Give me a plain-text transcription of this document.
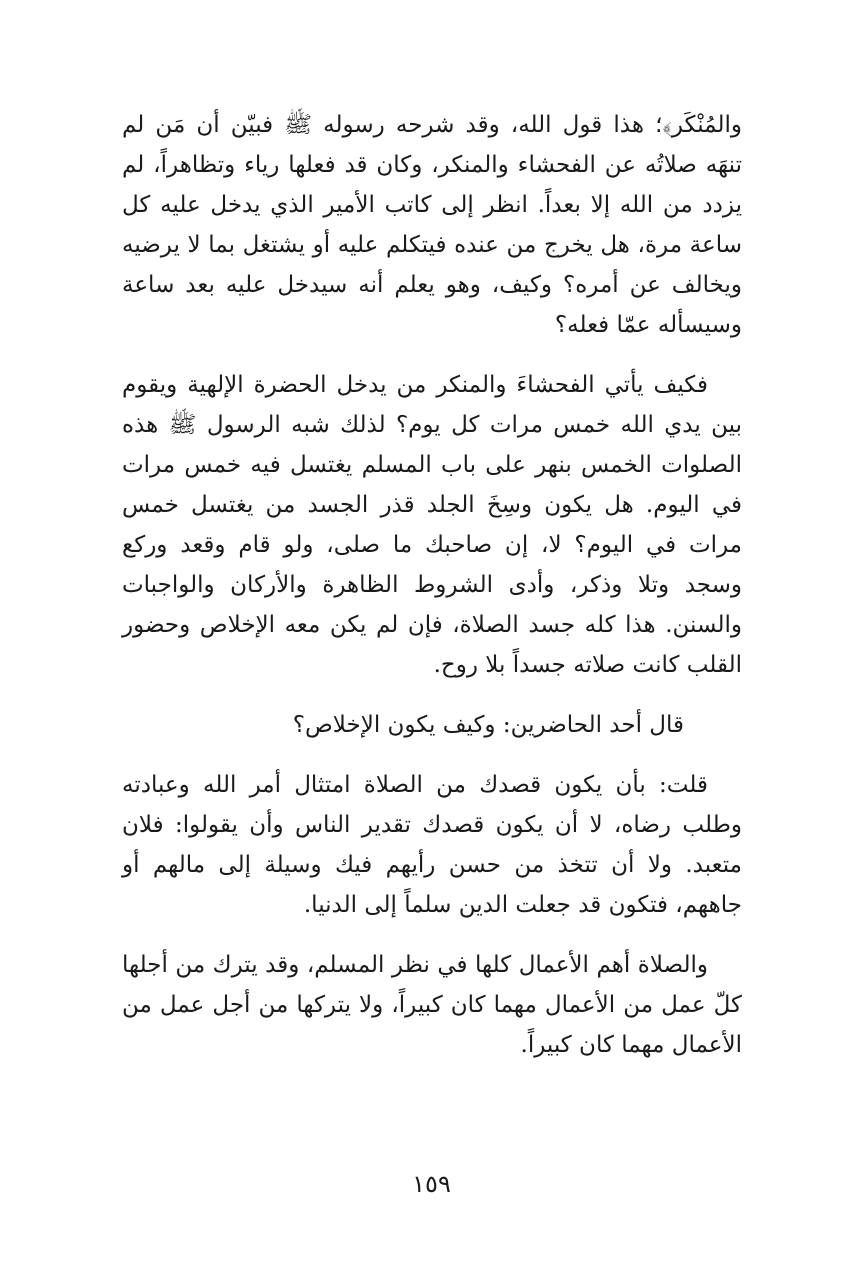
والمُنْكَر﴾؛ هذا قول الله، وقد شرحه رسوله ﷺ فبيّن أن مَن لم تنهَه صلاتُه عن الفحشاء والمنكر، وكان قد فعلها رياء وتظاهراً، لم يزدد من الله إلا بعداً. انظر إلى كاتب الأمير الذي يدخل عليه كل ساعة مرة، هل يخرج من عنده فيتكلم عليه أو يشتغل بما لا يرضيه ويخالف عن أمره؟ وكيف، وهو يعلم أنه سيدخل عليه بعد ساعة وسيسأله عمّا فعله؟

فكيف يأتي الفحشاءَ والمنكر من يدخل الحضرة الإلهية ويقوم بين يدي الله خمس مرات كل يوم؟ لذلك شبه الرسول ﷺ هذه الصلوات الخمس بنهر على باب المسلم يغتسل فيه خمس مرات في اليوم. هل يكون وسِخَ الجلد قذر الجسد من يغتسل خمس مرات في اليوم؟ لا، إن صاحبك ما صلى، ولو قام وقعد وركع وسجد وتلا وذكر، وأدى الشروط الظاهرة والأركان والواجبات والسنن. هذا كله جسد الصلاة، فإن لم يكن معه الإخلاص وحضور القلب كانت صلاته جسداً بلا روح.

قال أحد الحاضرين: وكيف يكون الإخلاص؟

قلت: بأن يكون قصدك من الصلاة امتثال أمر الله وعبادته وطلب رضاه، لا أن يكون قصدك تقدير الناس وأن يقولوا: فلان متعبد. ولا أن تتخذ من حسن رأيهم فيك وسيلة إلى مالهم أو جاههم، فتكون قد جعلت الدين سلماً إلى الدنيا.

والصلاة أهم الأعمال كلها في نظر المسلم، وقد يترك من أجلها كلّ عمل من الأعمال مهما كان كبيراً، ولا يتركها من أجل عمل من الأعمال مهما كان كبيراً.

١٥٩
